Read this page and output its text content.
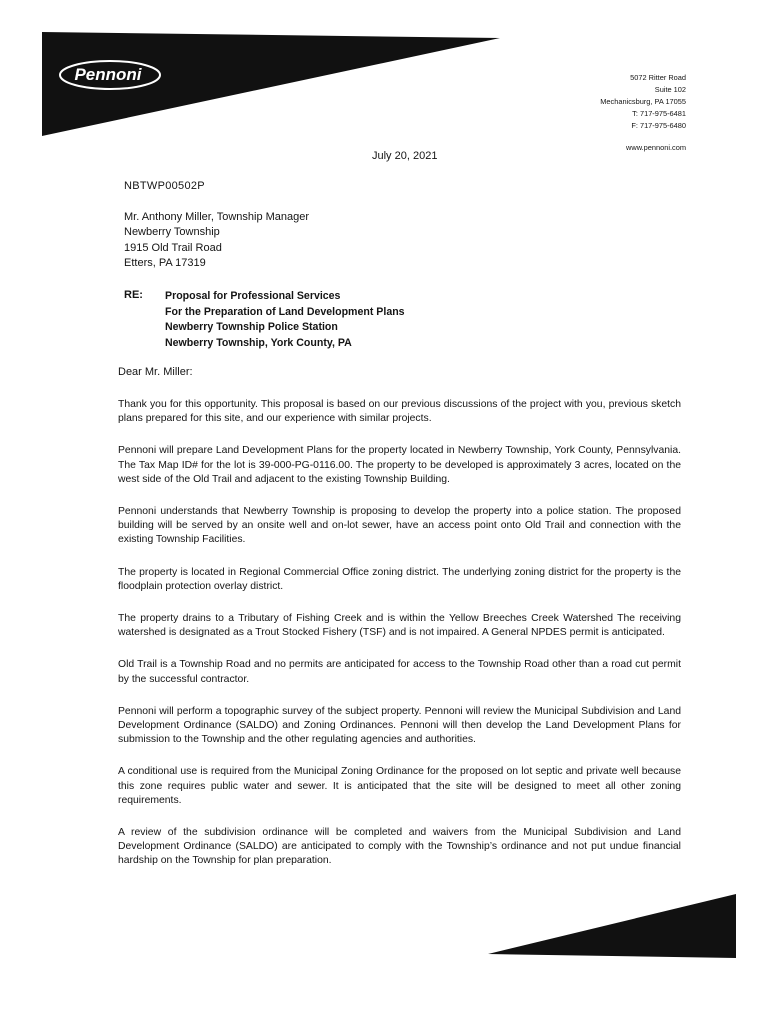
Pennoni	5072 Ritter Road
Suite 102
Mechanicsburg, PA 17055
T: 717-975-6481
F: 717-975-6480
www.pennoni.com
July 20, 2021
NBTWP00502P
Mr. Anthony Miller, Township Manager
Newberry Township
1915 Old Trail Road
Etters, PA 17319
RE: Proposal for Professional Services
For the Preparation of Land Development Plans
Newberry Township Police Station
Newberry Township, York County, PA
Dear Mr. Miller:

Thank you for this opportunity. This proposal is based on our previous discussions of the project with you, previous sketch plans prepared for this site, and our experience with similar projects.

Pennoni will prepare Land Development Plans for the property located in Newberry Township, York County, Pennsylvania. The Tax Map ID# for the lot is 39-000-PG-0116.00. The property to be developed is approximately 3 acres, located on the west side of the Old Trail and adjacent to the existing Township Building.

Pennoni understands that Newberry Township is proposing to develop the property into a police station. The proposed building will be served by an onsite well and on-lot sewer, have an access point onto Old Trail and connection with the existing Township Facilities.

The property is located in Regional Commercial Office zoning district. The underlying zoning district for the property is the floodplain protection overlay district.

The property drains to a Tributary of Fishing Creek and is within the Yellow Breeches Creek Watershed The receiving watershed is designated as a Trout Stocked Fishery (TSF) and is not impaired. A General NPDES permit is anticipated.

Old Trail is a Township Road and no permits are anticipated for access to the Township Road other than a road cut permit by the successful contractor.

Pennoni will perform a topographic survey of the subject property. Pennoni will review the Municipal Subdivision and Land Development Ordinance (SALDO) and Zoning Ordinances. Pennoni will then develop the Land Development Plans for submission to the Township and the other regulating agencies and authorities.

A conditional use is required from the Municipal Zoning Ordinance for the proposed on lot septic and private well because this zone requires public water and sewer. It is anticipated that the site will be designed to meet all other zoning requirements.

A review of the subdivision ordinance will be completed and waivers from the Municipal Subdivision and Land Development Ordinance (SALDO) are anticipated to comply with the Township’s ordinance and not put undue financial hardship on the Township for plan preparation.
